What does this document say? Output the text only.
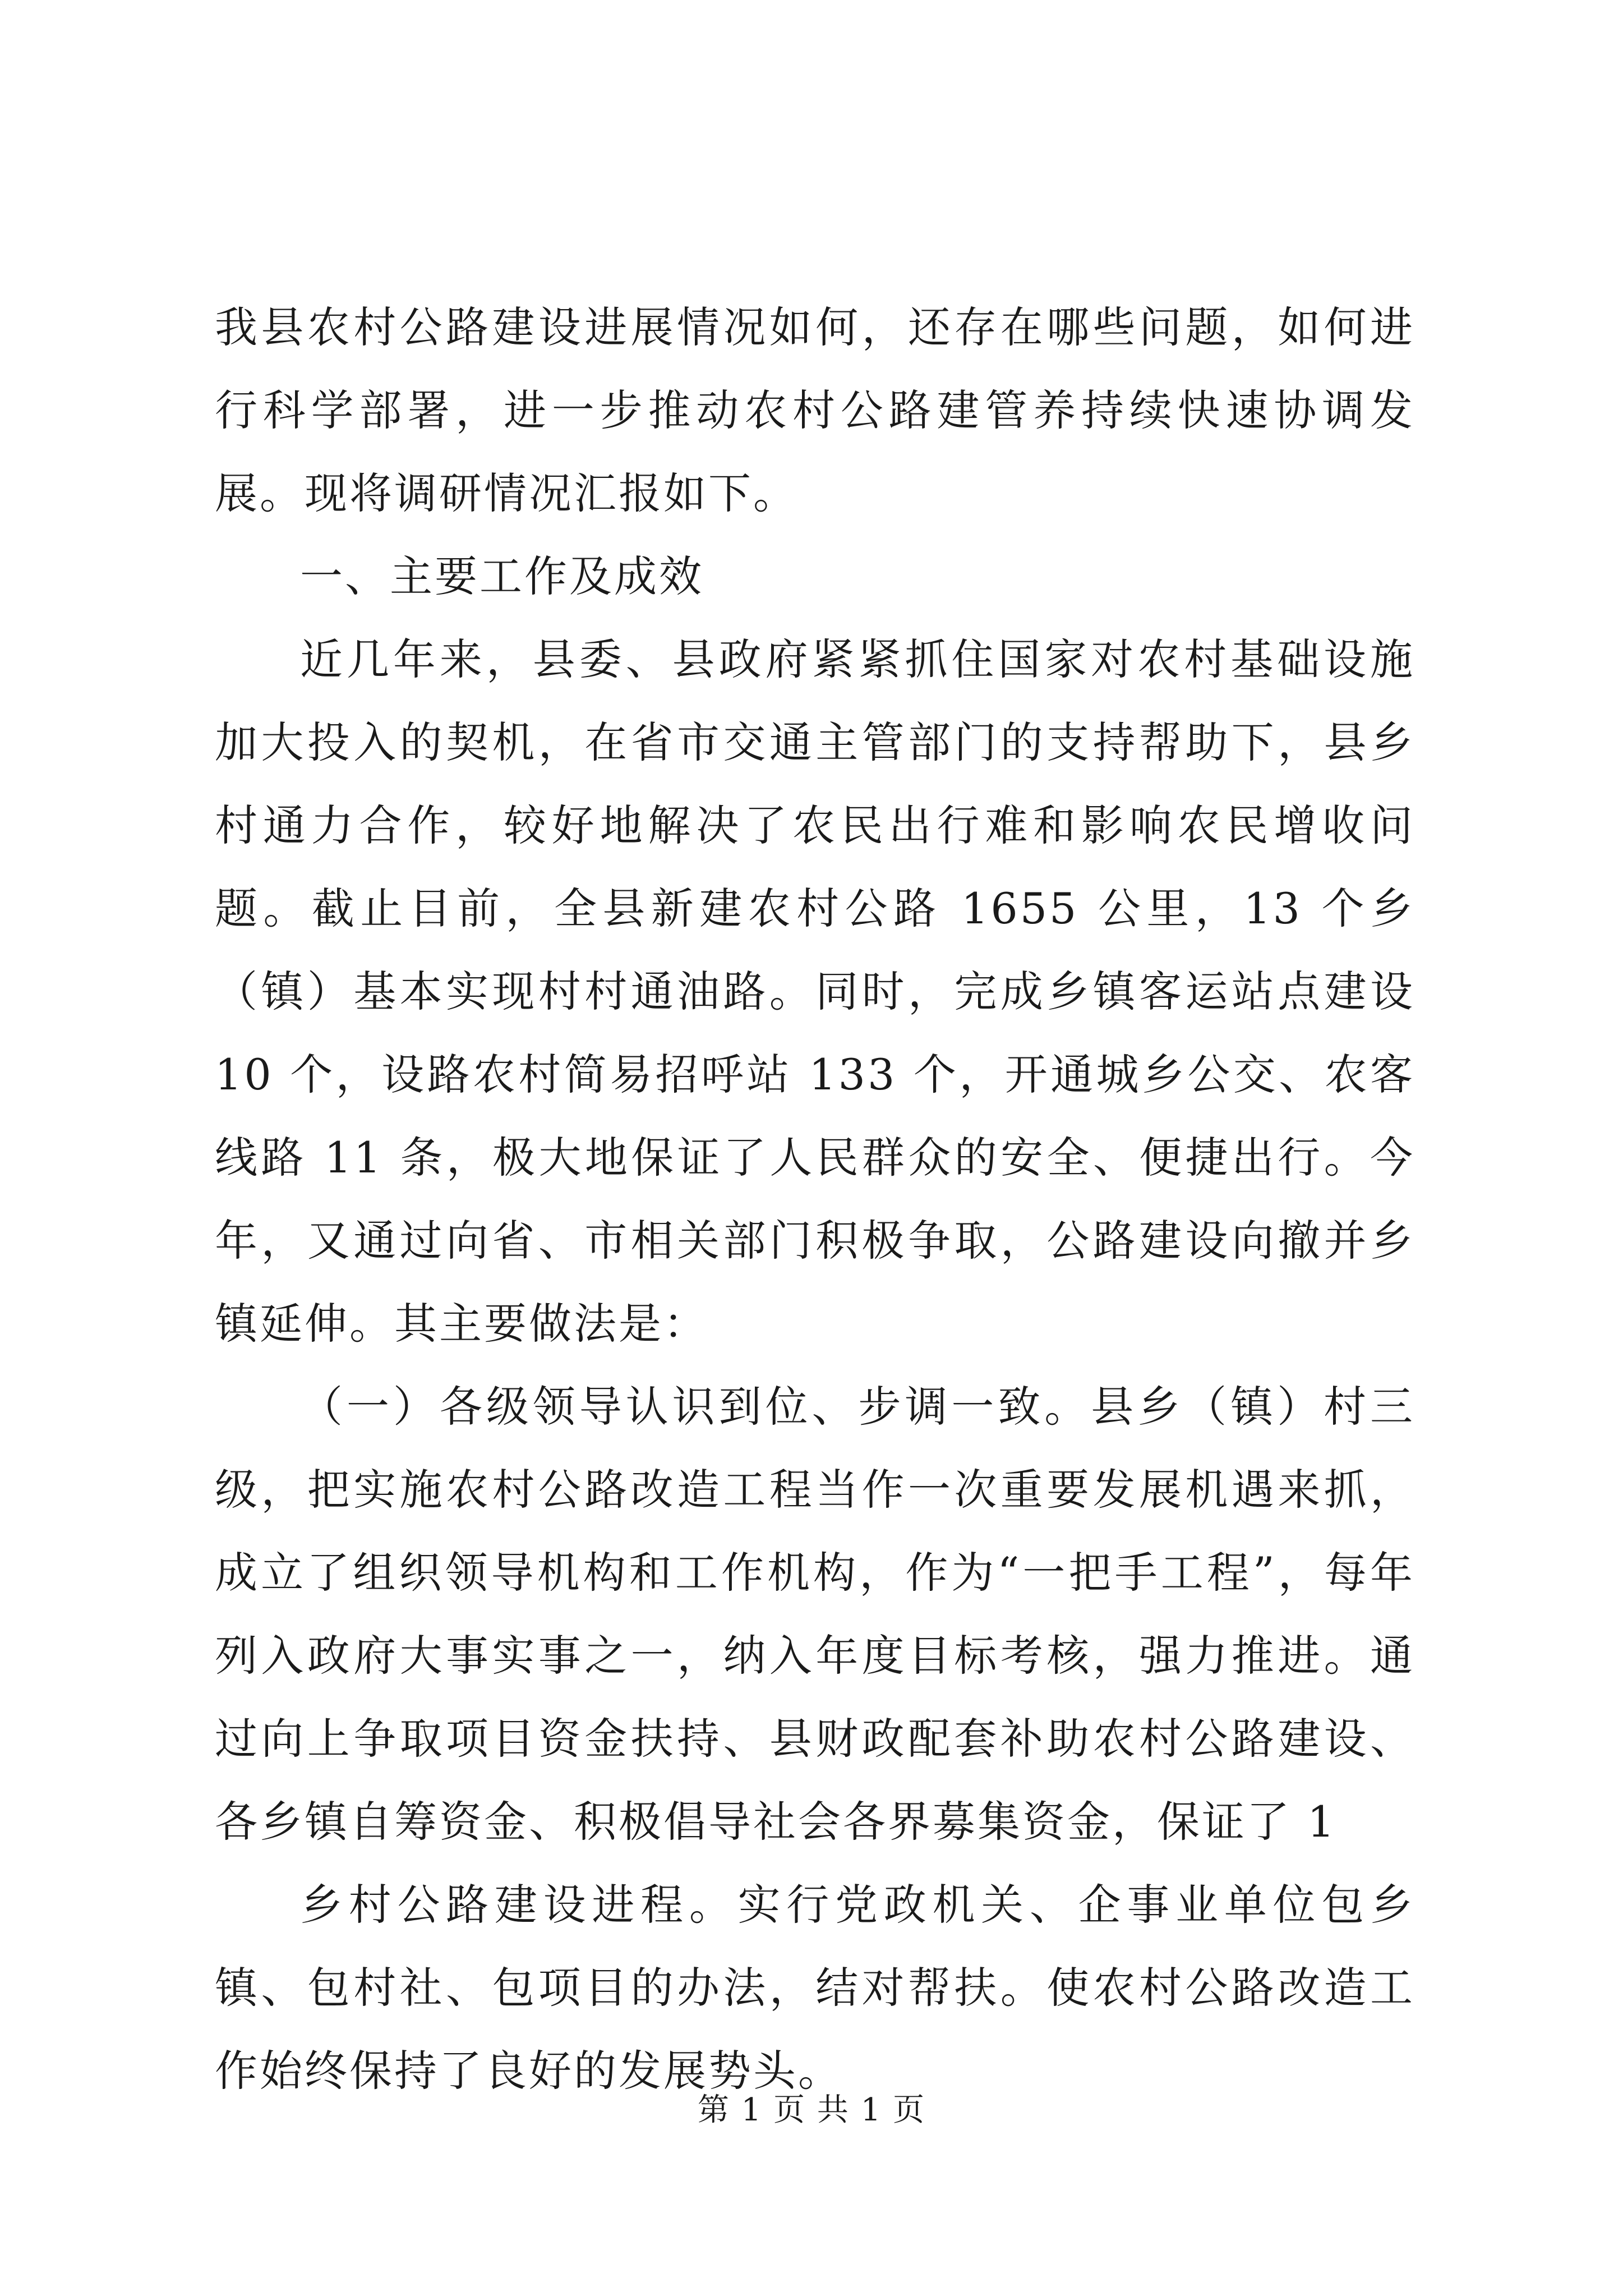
我县农村公路建设进展情况如何，还存在哪些问题，如何进行科学部署，进一步推动农村公路建管养持续快速协调发展。现将调研情况汇报如下。

一、主要工作及成效

近几年来，县委、县政府紧紧抓住国家对农村基础设施加大投入的契机，在省市交通主管部门的支持帮助下，县乡村通力合作，较好地解决了农民出行难和影响农民增收问题。截止目前，全县新建农村公路 1655 公里，13 个乡（镇）基本实现村村通油路。同时，完成乡镇客运站点建设 10 个，设路农村简易招呼站 133 个，开通城乡公交、农客线路 11 条，极大地保证了人民群众的安全、便捷出行。今年，又通过向省、市相关部门积极争取，公路建设向撤并乡镇延伸。其主要做法是：

（一）各级领导认识到位、步调一致。县乡（镇）村三级，把实施农村公路改造工程当作一次重要发展机遇来抓，成立了组织领导机构和工作机构，作为“一把手工程”，每年列入政府大事实事之一，纳入年度目标考核，强力推进。通过向上争取项目资金扶持、县财政配套补助农村公路建设、各乡镇自筹资金、积极倡导社会各界募集资金，保证了 1

乡村公路建设进程。实行党政机关、企事业单位包乡镇、包村社、包项目的办法，结对帮扶。使农村公路改造工作始终保持了良好的发展势头。

第 1 页 共 1 页
